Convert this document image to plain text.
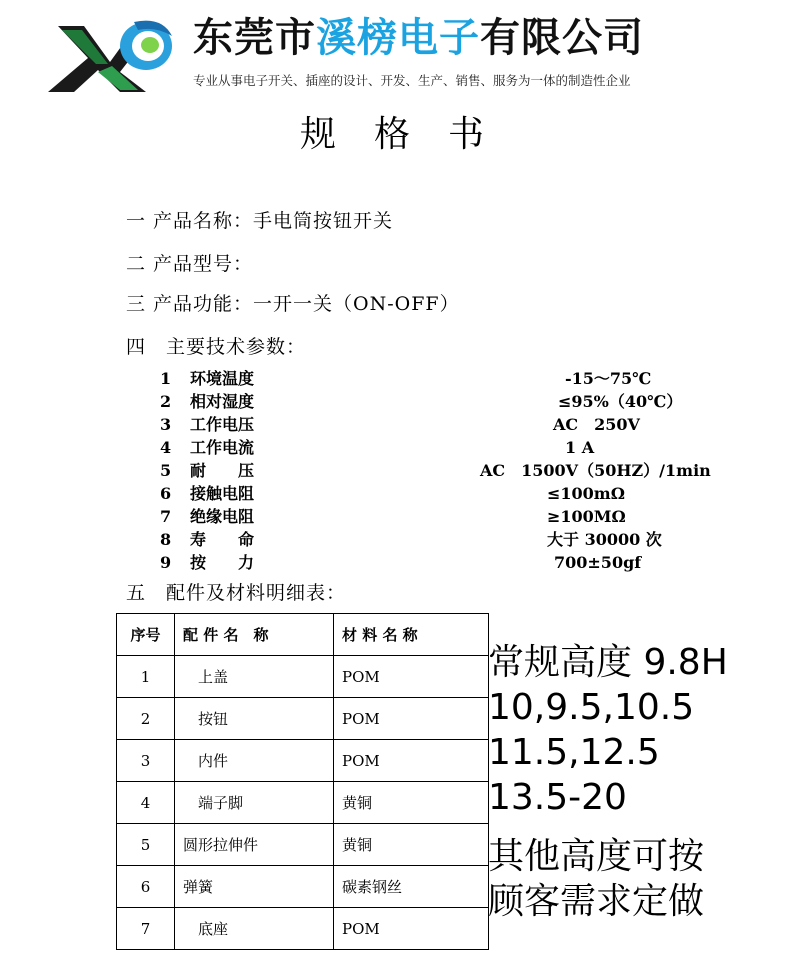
东莞市溪榜电子有限公司
专业从事电子开关、插座的设计、开发、生产、销售、服务为一体的制造性企业
规格书
一 产品名称：手电筒按钮开关
二 产品型号：
三 产品功能：一开一关（ON-OFF）
四　主要技术参数：
1	环境温度	-15～75℃
2	相对湿度	≤95%（40℃）
3	工作电压	AC　250V
4	工作电流	1 A
5	耐　　压	AC　1500V（50HZ）/1min
6	接触电阻	≤100mΩ
7	绝缘电阻	≥100MΩ
8	寿　　命	大于 30000 次
9	按　　力	700±50gf
五　配件及材料明细表：
序号	配 件 名　称	材 料 名 称
1	　上盖	POM
2	　按钮	POM
3	　内件	POM
4	　端子脚	黄铜
5	圆形拉伸件	黄铜
6	弹簧	碳素钢丝
7	　底座	POM
常规高度 9.8H
10,9.5,10.5
11.5,12.5
13.5-20
其他高度可按
顾客需求定做
